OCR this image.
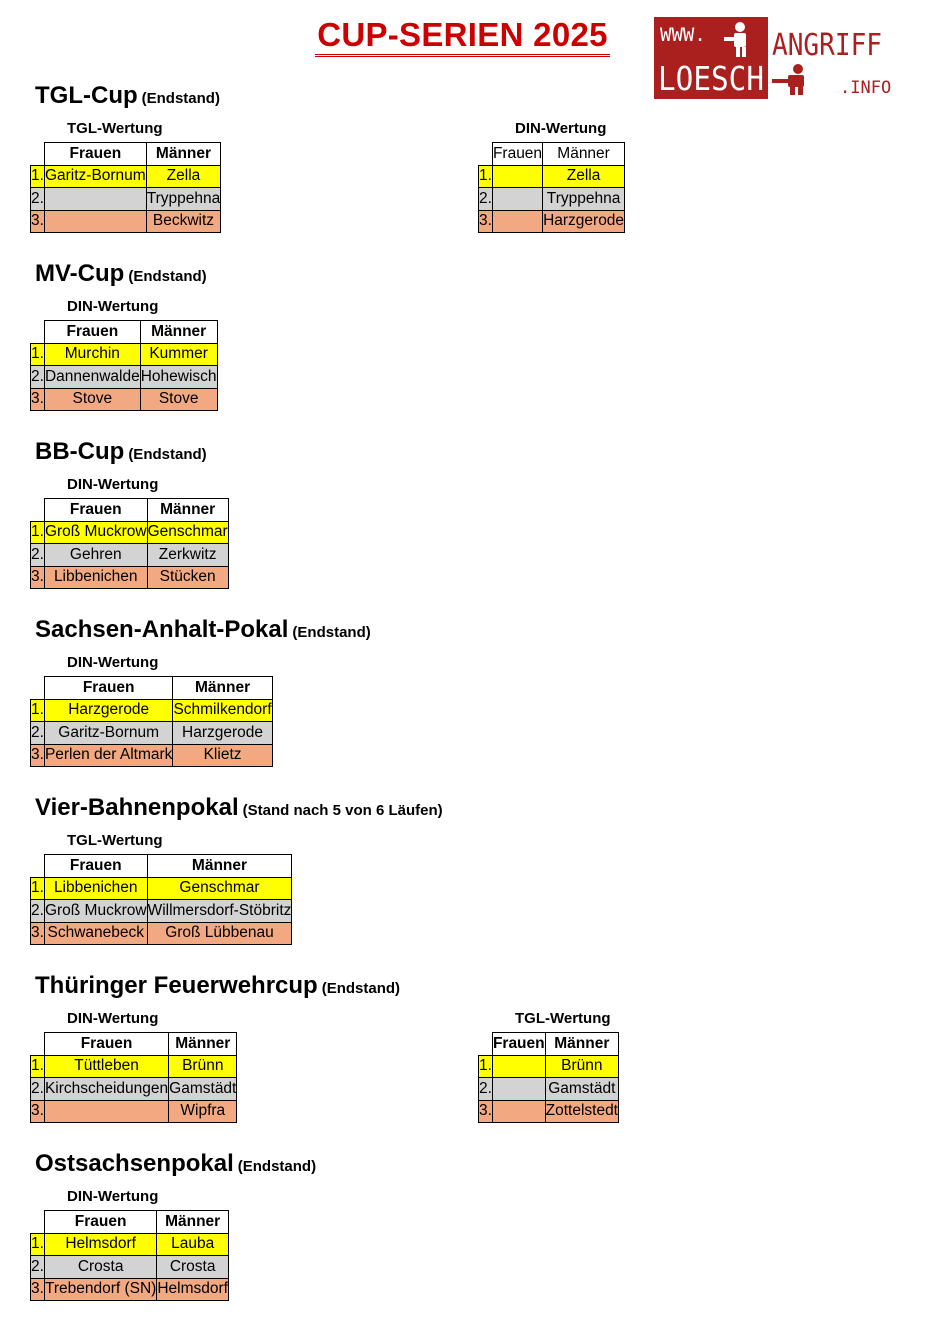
CUP-SERIEN 2025	WWW.
LOESCH
ANGRIFF
.INFO
TGL-Cup (Endstand)
TGL-Wertung
	Frauen	Männer
1.	Garitz-Bornum	Zella
2.		Tryppehna
3.		Beckwitz
DIN-Wertung
	Frauen	Männer
1.		Zella
2.		Tryppehna
3.		Harzgerode
MV-Cup (Endstand)
DIN-Wertung
	Frauen	Männer
1.	Murchin	Kummer
2.	Dannenwalde	Hohewisch
3.	Stove	Stove
BB-Cup (Endstand)
DIN-Wertung
	Frauen	Männer
1.	Groß Muckrow	Genschmar
2.	Gehren	Zerkwitz
3.	Libbenichen	Stücken
Sachsen-Anhalt-Pokal (Endstand)
DIN-Wertung
	Frauen	Männer
1.	Harzgerode	Schmilkendorf
2.	Garitz-Bornum	Harzgerode
3.	Perlen der Altmark	Klietz
Vier-Bahnenpokal (Stand nach 5 von 6 Läufen)
TGL-Wertung
	Frauen	Männer
1.	Libbenichen	Genschmar
2.	Groß Muckrow	Willmersdorf-Stöbritz
3.	Schwanebeck	Groß Lübbenau
Thüringer Feuerwehrcup (Endstand)
DIN-Wertung
	Frauen	Männer
1.	Tüttleben	Brünn
2.	Kirchscheidungen	Gamstädt
3.		Wipfra
TGL-Wertung
	Frauen	Männer
1.		Brünn
2.		Gamstädt
3.		Zottelstedt
Ostsachsenpokal (Endstand)
DIN-Wertung
	Frauen	Männer
1.	Helmsdorf	Lauba
2.	Crosta	Crosta
3.	Trebendorf (SN)	Helmsdorf
